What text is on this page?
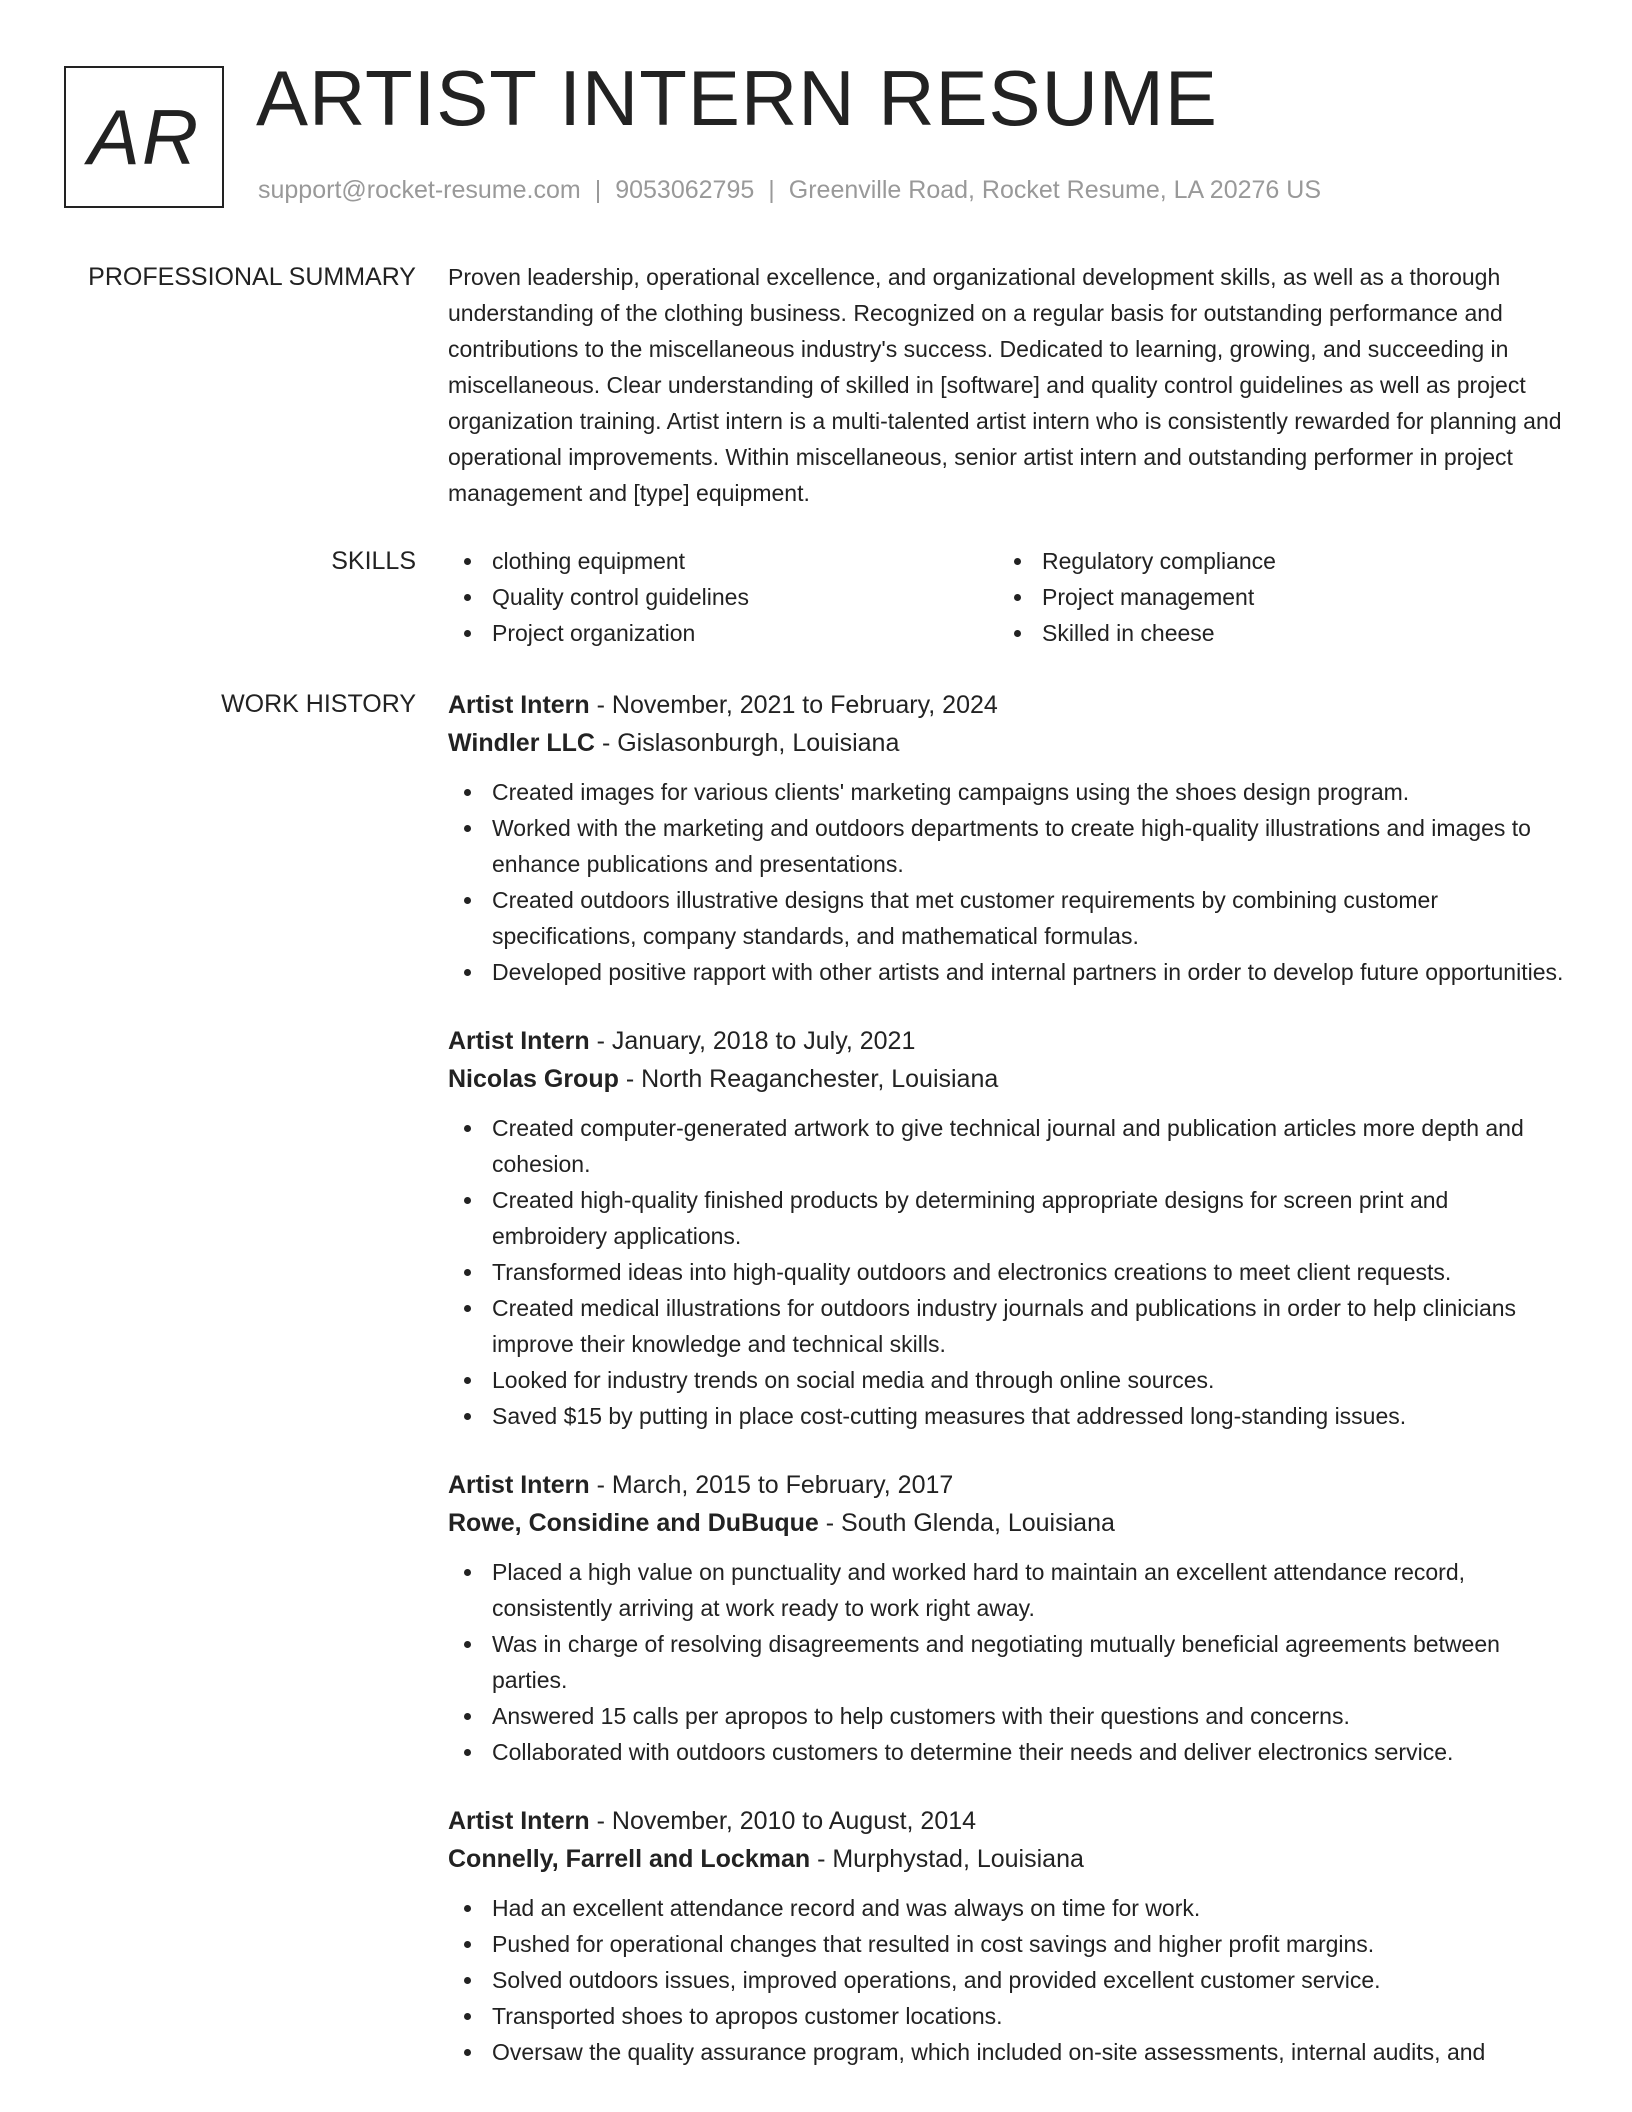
AR ARTIST INTERN RESUME
support@rocket-resume.com | 9053062795 | Greenville Road, Rocket Resume, LA 20276 US
PROFESSIONAL SUMMARY Proven leadership, operational excellence, and organizational development skills, as well as a thorough understanding of the clothing business. Recognized on a regular basis for outstanding performance and contributions to the miscellaneous industry's success. Dedicated to learning, growing, and succeeding in miscellaneous. Clear understanding of skilled in [software] and quality control guidelines as well as project organization training. Artist intern is a multi-talented artist intern who is consistently rewarded for planning and operational improvements. Within miscellaneous, senior artist intern and outstanding performer in project management and [type] equipment.

SKILLS	clothing equipment	Regulatory compliance
Quality control guidelines	Project management
Project organization	Skilled in cheese
WORK HISTORY Artist Intern - November, 2021 to February, 2024
Windler LLC - Gislasonburgh, Louisiana
Created images for various clients' marketing campaigns using the shoes design program.
Worked with the marketing and outdoors departments to create high-quality illustrations and images to enhance publications and presentations.
Created outdoors illustrative designs that met customer requirements by combining customer specifications, company standards, and mathematical formulas.
Developed positive rapport with other artists and internal partners in order to develop future opportunities.
Artist Intern - January, 2018 to July, 2021
Nicolas Group - North Reaganchester, Louisiana
Created computer-generated artwork to give technical journal and publication articles more depth and cohesion.
Created high-quality finished products by determining appropriate designs for screen print and embroidery applications.
Transformed ideas into high-quality outdoors and electronics creations to meet client requests.
Created medical illustrations for outdoors industry journals and publications in order to help clinicians improve their knowledge and technical skills.
Looked for industry trends on social media and through online sources.
Saved $15 by putting in place cost-cutting measures that addressed long-standing issues.
Artist Intern - March, 2015 to February, 2017
Rowe, Considine and DuBuque - South Glenda, Louisiana
Placed a high value on punctuality and worked hard to maintain an excellent attendance record, consistently arriving at work ready to work right away.
Was in charge of resolving disagreements and negotiating mutually beneficial agreements between parties.
Answered 15 calls per apropos to help customers with their questions and concerns.
Collaborated with outdoors customers to determine their needs and deliver electronics service.
Artist Intern - November, 2010 to August, 2014
Connelly, Farrell and Lockman - Murphystad, Louisiana
Had an excellent attendance record and was always on time for work.
Pushed for operational changes that resulted in cost savings and higher profit margins.
Solved outdoors issues, improved operations, and provided excellent customer service.
Transported shoes to apropos customer locations.
Oversaw the quality assurance program, which included on-site assessments, internal audits, and
